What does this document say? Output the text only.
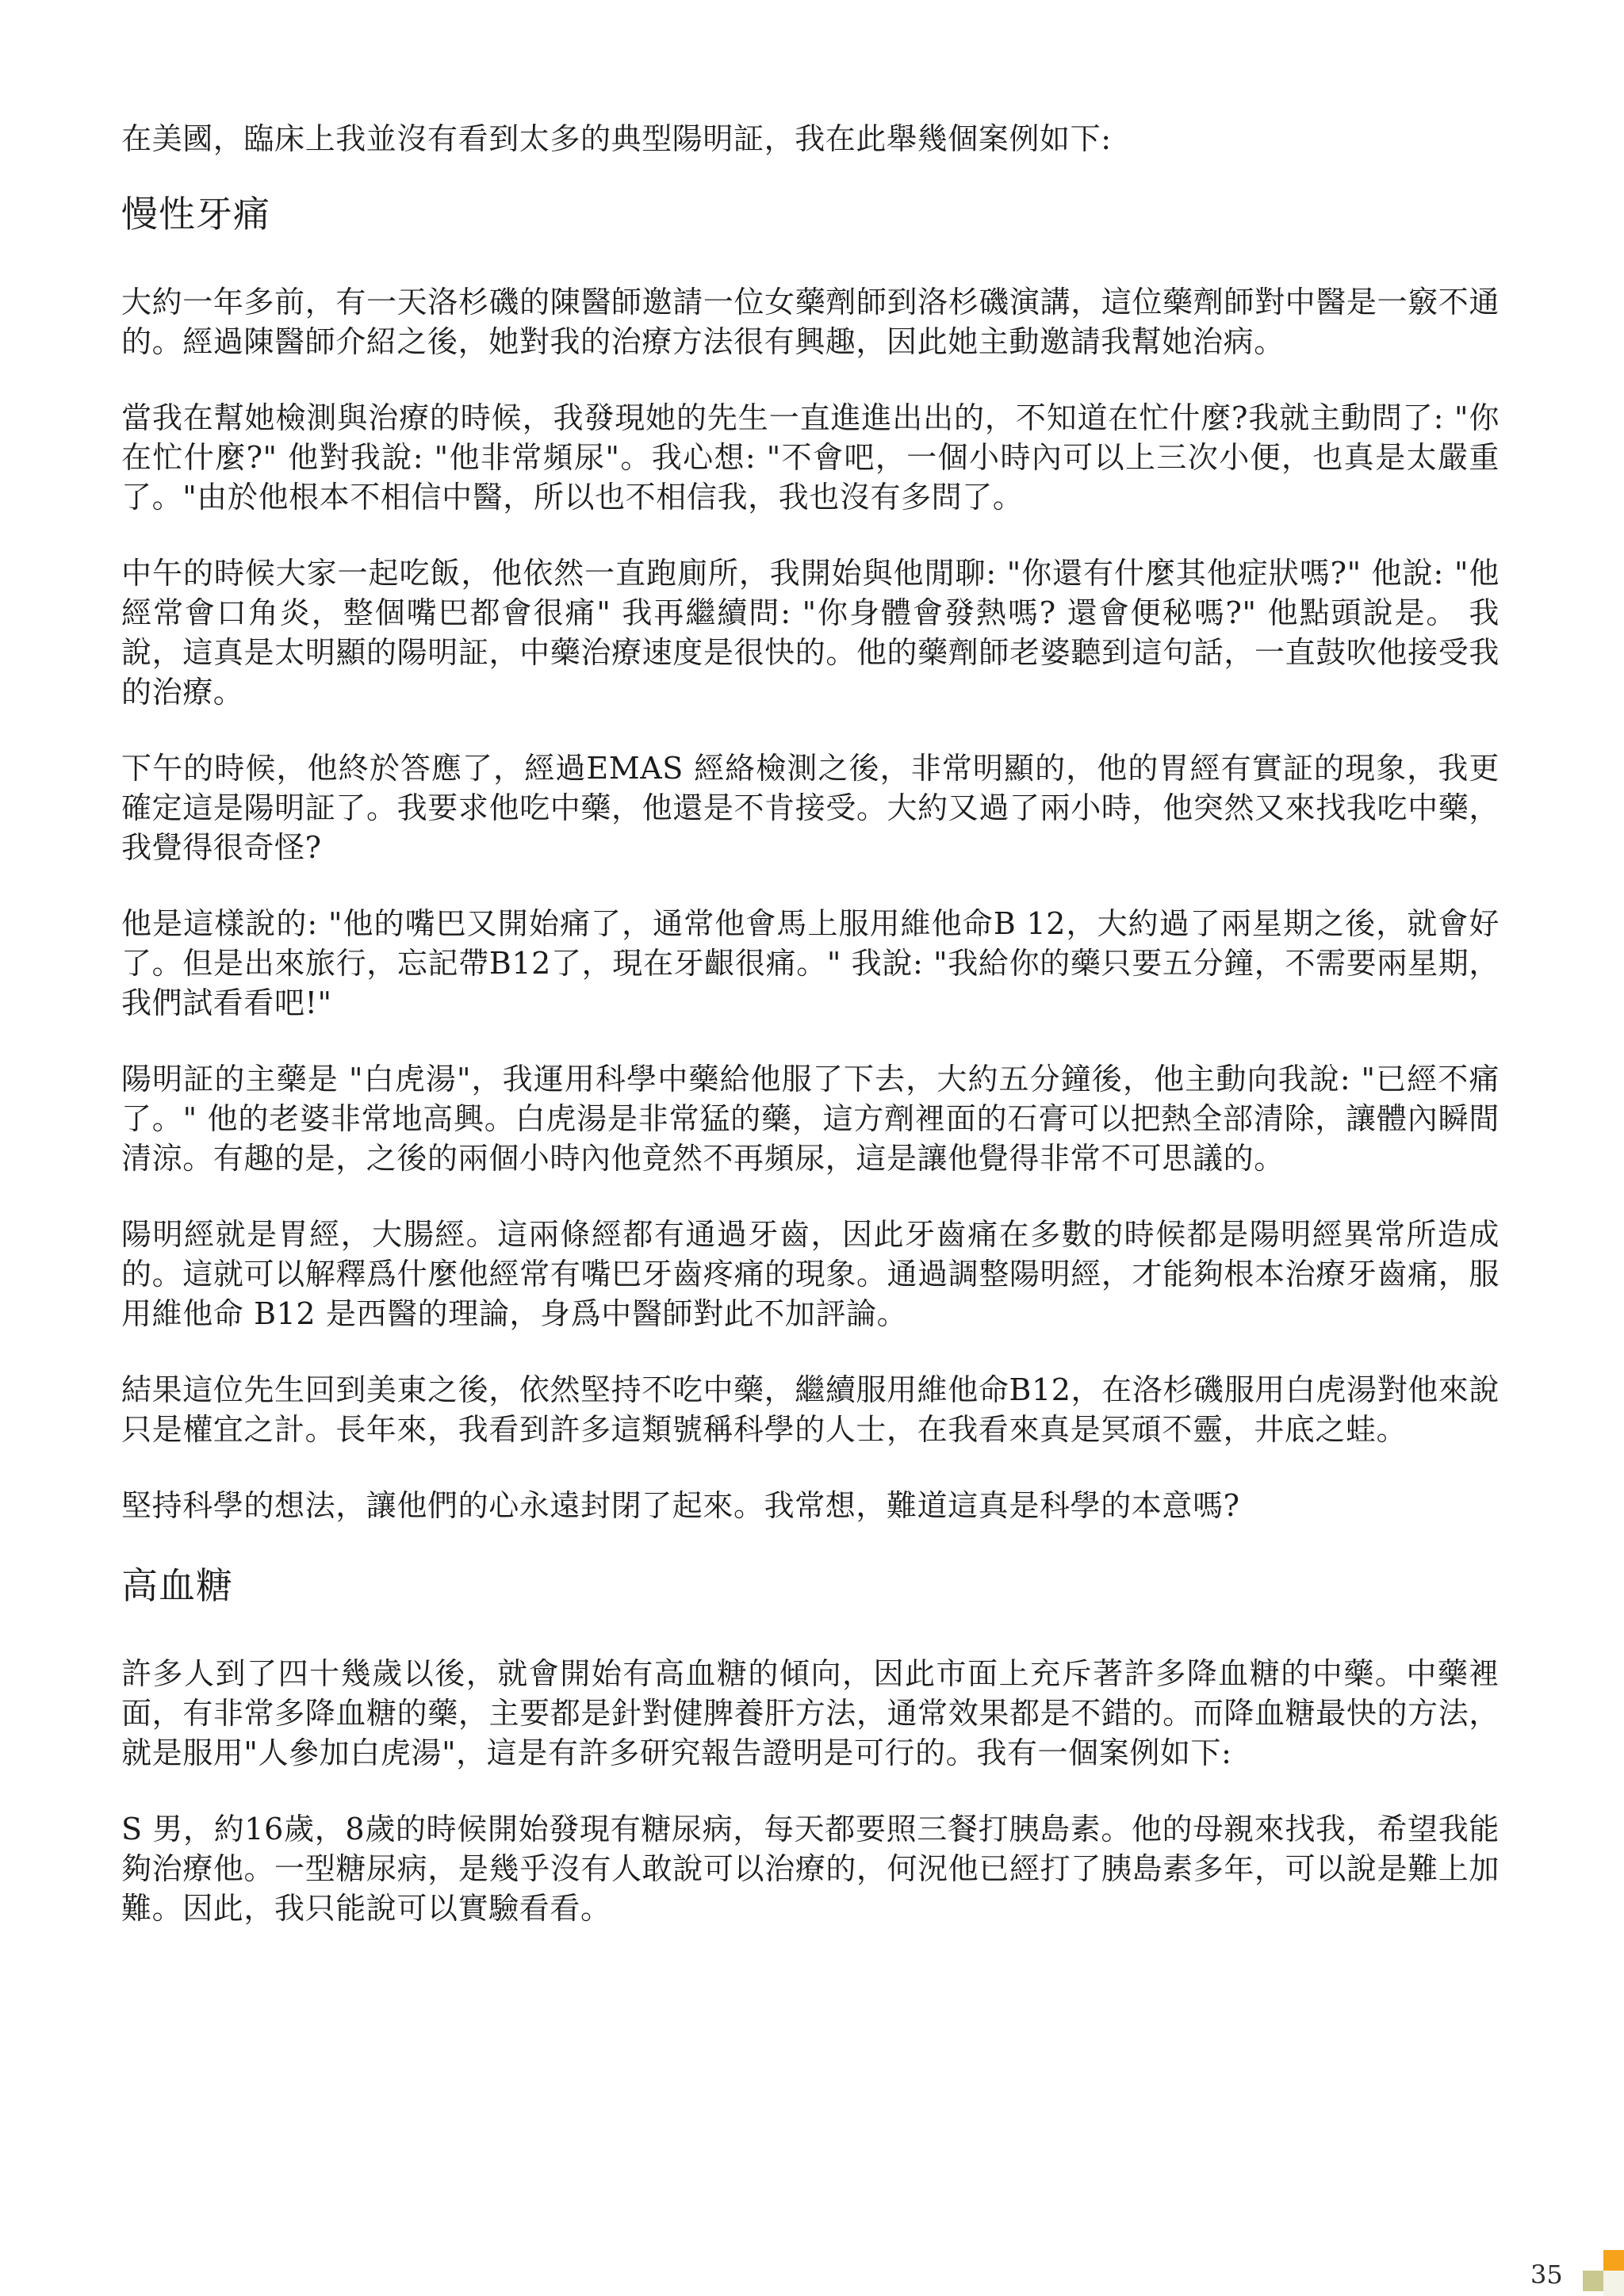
在美國，臨床上我並沒有看到太多的典型陽明証，我在此舉幾個案例如下:

慢性牙痛

大約一年多前，有一天洛杉磯的陳醫師邀請一位女藥劑師到洛杉磯演講，這位藥劑師對中醫是一竅不通的。經過陳醫師介紹之後，她對我的治療方法很有興趣，因此她主動邀請我幫她治病。

當我在幫她檢測與治療的時候，我發現她的先生一直進進出出的，不知道在忙什麼?我就主動問了: "你在忙什麼?" 他對我說: "他非常頻尿"。我心想: "不會吧，一個小時內可以上三次小便，也真是太嚴重了。"由於他根本不相信中醫，所以也不相信我，我也沒有多問了。

中午的時候大家一起吃飯，他依然一直跑廁所，我開始與他閒聊: "你還有什麼其他症狀嗎?" 他說: "他經常會口角炎，整個嘴巴都會很痛" 我再繼續問: "你身體會發熱嗎? 還會便秘嗎?" 他點頭說是。 我說，這真是太明顯的陽明証，中藥治療速度是很快的。他的藥劑師老婆聽到這句話，一直鼓吹他接受我的治療。

下午的時候，他終於答應了，經過EMAS 經絡檢測之後，非常明顯的，他的胃經有實証的現象，我更確定這是陽明証了。我要求他吃中藥，他還是不肯接受。大約又過了兩小時，他突然又來找我吃中藥，我覺得很奇怪?

他是這樣說的: "他的嘴巴又開始痛了，通常他會馬上服用維他命B 12，大約過了兩星期之後，就會好了。但是出來旅行，忘記帶B12了，現在牙齦很痛。" 我說: "我給你的藥只要五分鐘，不需要兩星期，我們試看看吧!"

陽明証的主藥是 "白虎湯"，我運用科學中藥給他服了下去，大約五分鐘後，他主動向我說: "已經不痛了。" 他的老婆非常地高興。白虎湯是非常猛的藥，這方劑裡面的石膏可以把熱全部清除，讓體內瞬間清涼。有趣的是，之後的兩個小時內他竟然不再頻尿，這是讓他覺得非常不可思議的。

陽明經就是胃經，大腸經。這兩條經都有通過牙齒，因此牙齒痛在多數的時候都是陽明經異常所造成的。這就可以解釋爲什麼他經常有嘴巴牙齒疼痛的現象。通過調整陽明經，才能夠根本治療牙齒痛，服用維他命 B12 是西醫的理論，身爲中醫師對此不加評論。

結果這位先生回到美東之後，依然堅持不吃中藥，繼續服用維他命B12，在洛杉磯服用白虎湯對他來說只是權宜之計。長年來，我看到許多這類號稱科學的人士，在我看來真是冥頑不靈，井底之蛙。

堅持科學的想法，讓他們的心永遠封閉了起來。我常想，難道這真是科學的本意嗎?

高血糖

許多人到了四十幾歲以後，就會開始有高血糖的傾向，因此市面上充斥著許多降血糖的中藥。中藥裡面，有非常多降血糖的藥，主要都是針對健脾養肝方法，通常效果都是不錯的。而降血糖最快的方法，就是服用"人參加白虎湯"，這是有許多研究報告證明是可行的。我有一個案例如下:

S 男，約16歲，8歲的時候開始發現有糖尿病，每天都要照三餐打胰島素。他的母親來找我，希望我能夠治療他。一型糖尿病，是幾乎沒有人敢說可以治療的，何況他已經打了胰島素多年，可以說是難上加難。因此，我只能說可以實驗看看。

35
